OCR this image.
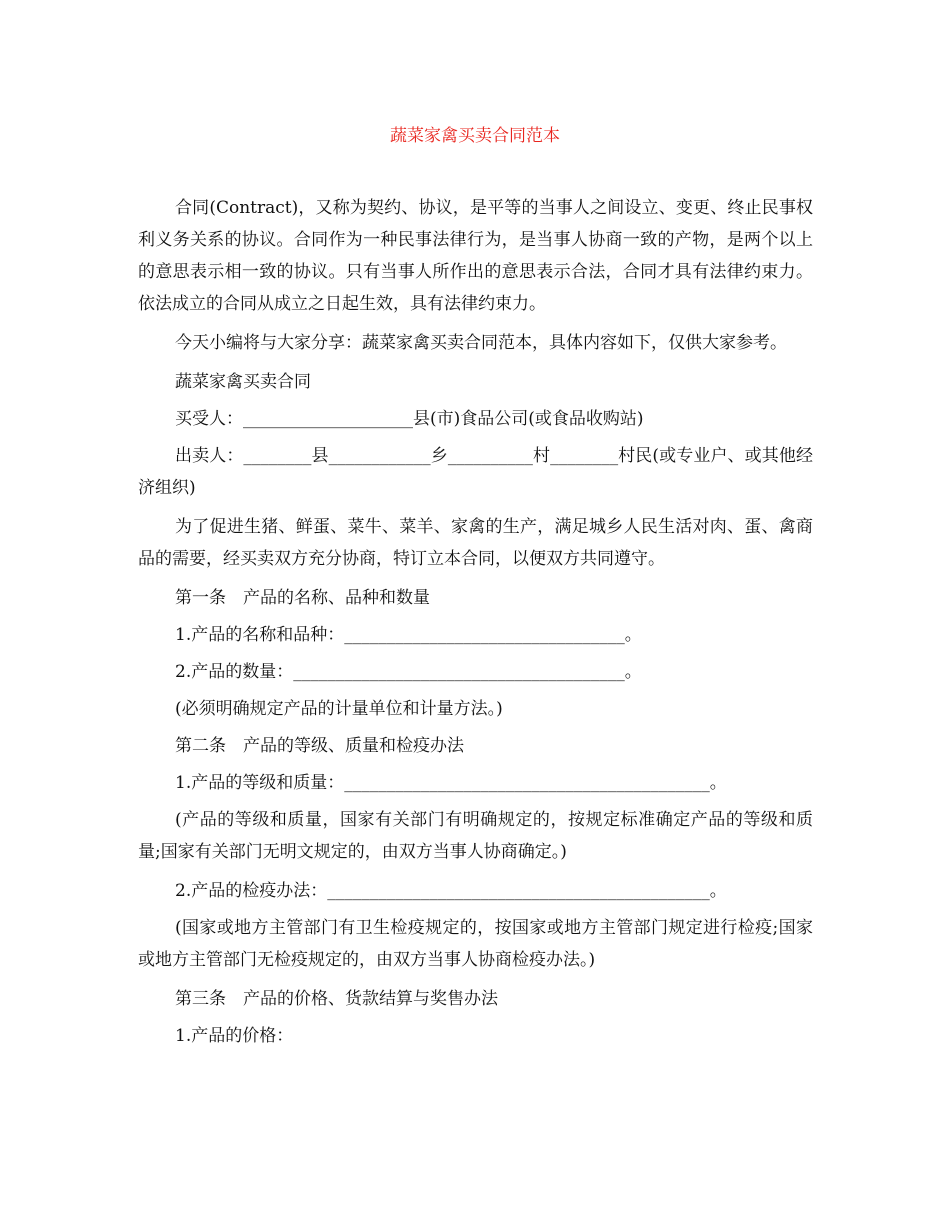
蔬菜家禽买卖合同范本

合同(Contract)，又称为契约、协议，是平等的当事人之间设立、变更、终止民事权利义务关系的协议。合同作为一种民事法律行为，是当事人协商一致的产物，是两个以上的意思表示相一致的协议。只有当事人所作出的意思表示合法，合同才具有法律约束力。依法成立的合同从成立之日起生效，具有法律约束力。

今天小编将与大家分享：蔬菜家禽买卖合同范本，具体内容如下，仅供大家参考。

蔬菜家禽买卖合同

买受人：____________________县(市)食品公司(或食品收购站)

出卖人：________县____________乡__________村________村民(或专业户、或其他经济组织)

为了促进生猪、鲜蛋、菜牛、菜羊、家禽的生产，满足城乡人民生活对肉、蛋、禽商品的需要，经买卖双方充分协商，特订立本合同，以便双方共同遵守。

第一条　产品的名称、品种和数量

1.产品的名称和品种：_________________________________。

2.产品的数量：_______________________________________。

(必须明确规定产品的计量单位和计量方法。)

第二条　产品的等级、质量和检疫办法

1.产品的等级和质量：___________________________________________。

(产品的等级和质量，国家有关部门有明确规定的，按规定标准确定产品的等级和质量;国家有关部门无明文规定的，由双方当事人协商确定。)

2.产品的检疫办法：_____________________________________________。

(国家或地方主管部门有卫生检疫规定的，按国家或地方主管部门规定进行检疫;国家或地方主管部门无检疫规定的，由双方当事人协商检疫办法。)

第三条　产品的价格、货款结算与奖售办法

1.产品的价格：
